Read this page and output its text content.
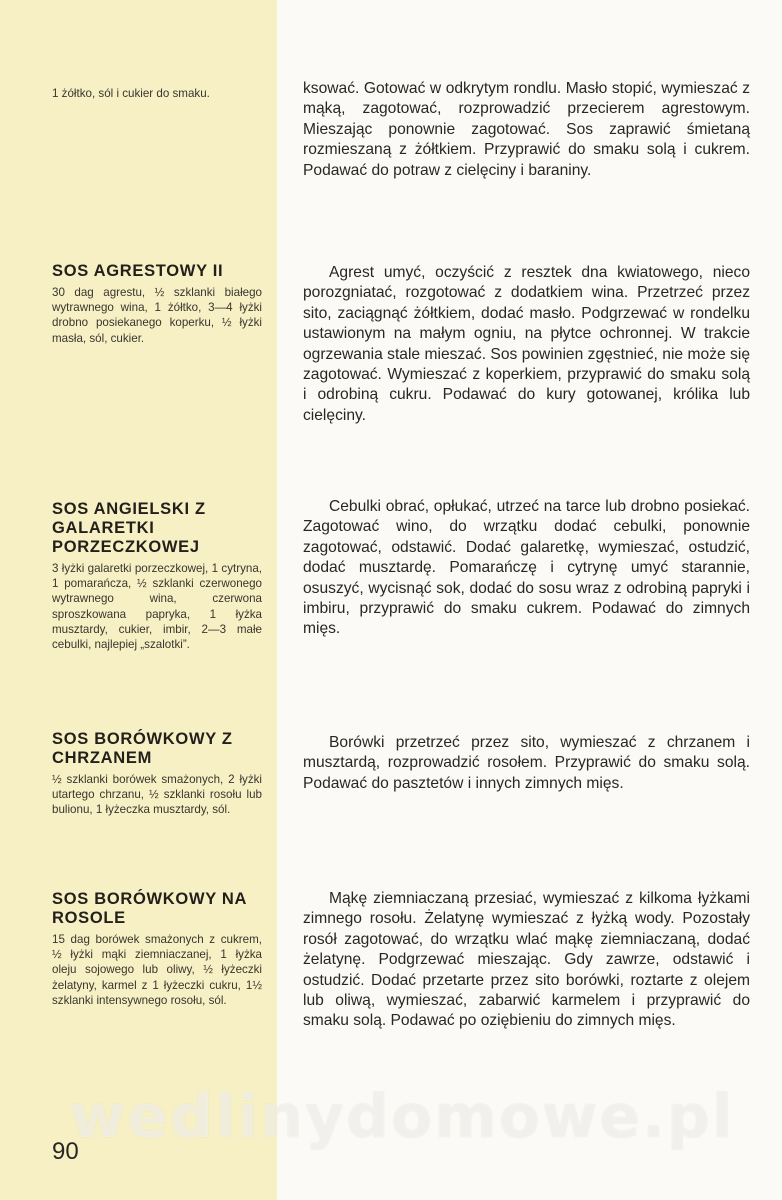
1 żółtko, sól i cukier do smaku.	ksować. Gotować w odkrytym rondlu. Masło stopić, wymieszać z mąką, zagotować, rozprowadzić przecierem agrestowym. Mieszając ponownie zagotować. Sos zaprawić śmietaną rozmieszaną z żółtkiem. Przyprawić do smaku solą i cukrem. Podawać do potraw z cielęciny i baraniny.

SOS AGRESTOWY II

30 dag agrestu, ½ szklanki białego wytrawnego wina, 1 żółtko, 3—4 łyżki drobno posiekanego koperku, ½ łyżki masła, sól, cukier.

Agrest umyć, oczyścić z resztek dna kwiatowego, nieco porozgniatać, rozgotować z dodatkiem wina. Przetrzeć przez sito, zaciągnąć żółtkiem, dodać masło. Podgrzewać w rondelku ustawionym na małym ogniu, na płytce ochronnej. W trakcie ogrzewania stale mieszać. Sos powinien zgęstnieć, nie może się zagotować. Wymieszać z koperkiem, przyprawić do smaku solą i odrobiną cukru. Podawać do kury gotowanej, królika lub cielęciny.

SOS ANGIELSKI Z GALARETKI PORZECZKOWEJ

3 łyżki galaretki porzeczkowej, 1 cytryna, 1 pomarańcza, ½ szklanki czerwonego wytrawnego wina, czerwona sproszkowana papryka, 1 łyżka musztardy, cukier, imbir, 2—3 małe cebulki, najlepiej „szalotki”.

Cebulki obrać, opłukać, utrzeć na tarce lub drobno posiekać. Zagotować wino, do wrzątku dodać cebulki, ponownie zagotować, odstawić. Dodać galaretkę, wymieszać, ostudzić, dodać musztardę. Pomarańczę i cytrynę umyć starannie, osuszyć, wycisnąć sok, dodać do sosu wraz z odrobiną papryki i imbiru, przyprawić do smaku cukrem. Podawać do zimnych mięs.

SOS BORÓWKOWY Z CHRZANEM

½ szklanki borówek smażonych, 2 łyżki utartego chrzanu, ½ szklanki rosołu lub bulionu, 1 łyżeczka musztardy, sól.

Borówki przetrzeć przez sito, wymieszać z chrzanem i musztardą, rozprowadzić rosołem. Przyprawić do smaku solą. Podawać do pasztetów i innych zimnych mięs.

SOS BORÓWKOWY NA ROSOLE

15 dag borówek smażonych z cukrem, ½ łyżki mąki ziemniaczanej, 1 łyżka oleju sojowego lub oliwy, ½ łyżeczki żelatyny, karmel z 1 łyżeczki cukru, 1½ szklanki intensywnego rosołu, sól.

Mąkę ziemniaczaną przesiać, wymieszać z kilkoma łyżkami zimnego rosołu. Żelatynę wymieszać z łyżką wody. Pozostały rosół zagotować, do wrzątku wlać mąkę ziemniaczaną, dodać żelatynę. Podgrzewać mieszając. Gdy zawrze, odstawić i ostudzić. Dodać przetarte przez sito borówki, roztarte z olejem lub oliwą, wymieszać, zabarwić karmelem i przyprawić do smaku solą. Podawać po oziębieniu do zimnych mięs.

wedlinydomowe.pl
90
